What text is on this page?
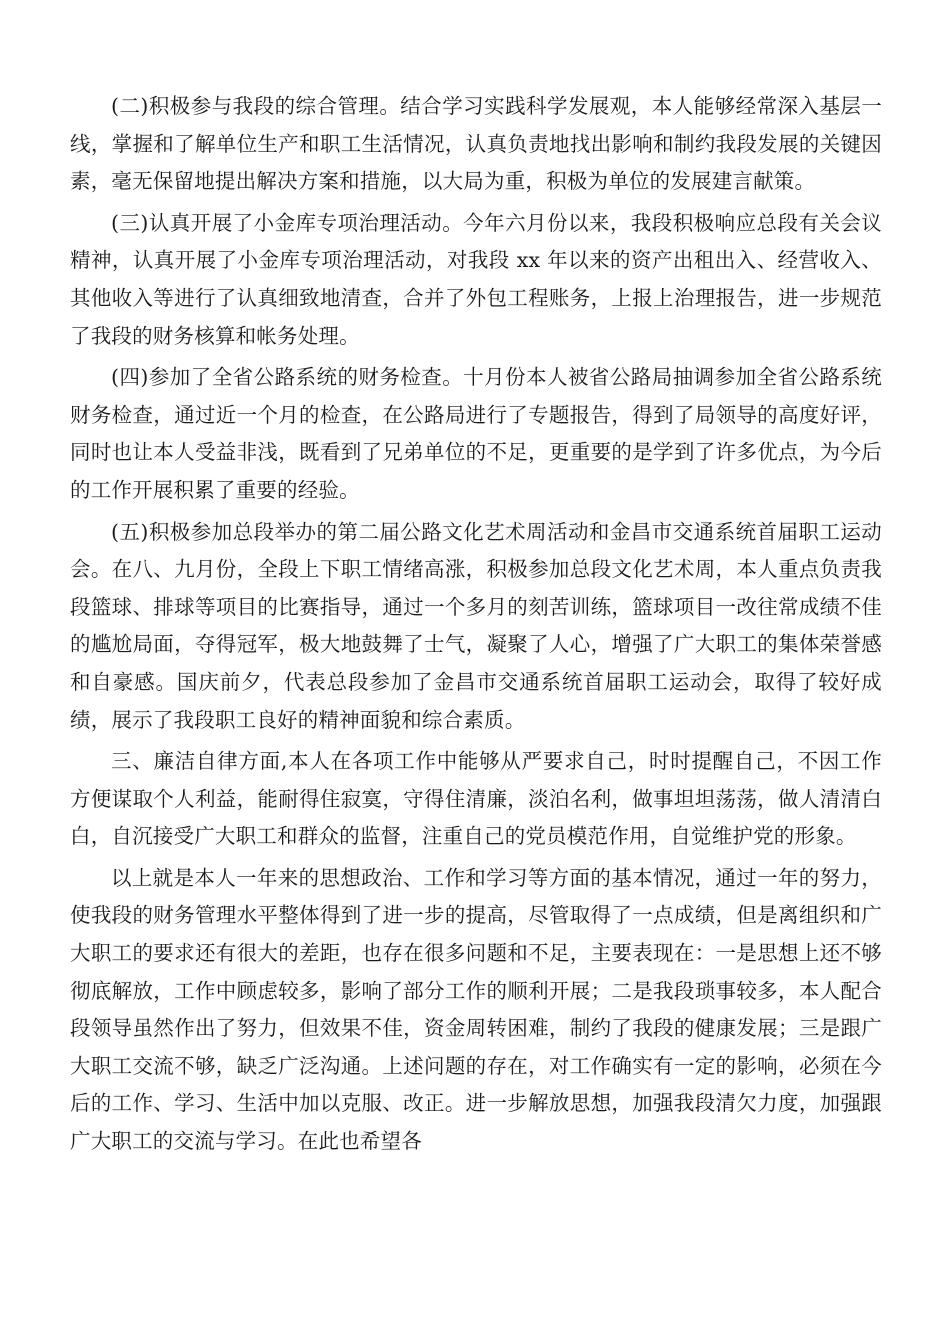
(二)积极参与我段的综合管理。结合学习实践科学发展观，本人能够经常深入基层一线，掌握和了解单位生产和职工生活情况，认真负责地找出影响和制约我段发展的关键因素，毫无保留地提出解决方案和措施，以大局为重，积极为单位的发展建言献策。

(三)认真开展了小金库专项治理活动。今年六月份以来，我段积极响应总段有关会议精神，认真开展了小金库专项治理活动，对我段 xx 年以来的资产出租出入、经营收入、其他收入等进行了认真细致地清查，合并了外包工程账务，上报上治理报告，进一步规范了我段的财务核算和帐务处理。

(四)参加了全省公路系统的财务检查。十月份本人被省公路局抽调参加全省公路系统财务检查，通过近一个月的检查，在公路局进行了专题报告，得到了局领导的高度好评，同时也让本人受益非浅，既看到了兄弟单位的不足，更重要的是学到了许多优点，为今后的工作开展积累了重要的经验。

(五)积极参加总段举办的第二届公路文化艺术周活动和金昌市交通系统首届职工运动会。在八、九月份，全段上下职工情绪高涨，积极参加总段文化艺术周，本人重点负责我段篮球、排球等项目的比赛指导，通过一个多月的刻苦训练，篮球项目一改往常成绩不佳的尴尬局面，夺得冠军，极大地鼓舞了士气，凝聚了人心，增强了广大职工的集体荣誉感和自豪感。国庆前夕，代表总段参加了金昌市交通系统首届职工运动会，取得了较好成绩，展示了我段职工良好的精神面貌和综合素质。

三、廉洁自律方面,本人在各项工作中能够从严要求自己，时时提醒自己，不因工作方便谋取个人利益，能耐得住寂寞，守得住清廉，淡泊名利，做事坦坦荡荡，做人清清白白，自沉接受广大职工和群众的监督，注重自己的党员模范作用，自觉维护党的形象。

以上就是本人一年来的思想政治、工作和学习等方面的基本情况，通过一年的努力，使我段的财务管理水平整体得到了进一步的提高，尽管取得了一点成绩，但是离组织和广大职工的要求还有很大的差距，也存在很多问题和不足，主要表现在：一是思想上还不够彻底解放，工作中顾虑较多，影响了部分工作的顺利开展；二是我段琐事较多，本人配合段领导虽然作出了努力，但效果不佳，资金周转困难，制约了我段的健康发展；三是跟广大职工交流不够，缺乏广泛沟通。上述问题的存在，对工作确实有一定的影响，必须在今后的工作、学习、生活中加以克服、改正。进一步解放思想，加强我段清欠力度，加强跟广大职工的交流与学习。在此也希望各
